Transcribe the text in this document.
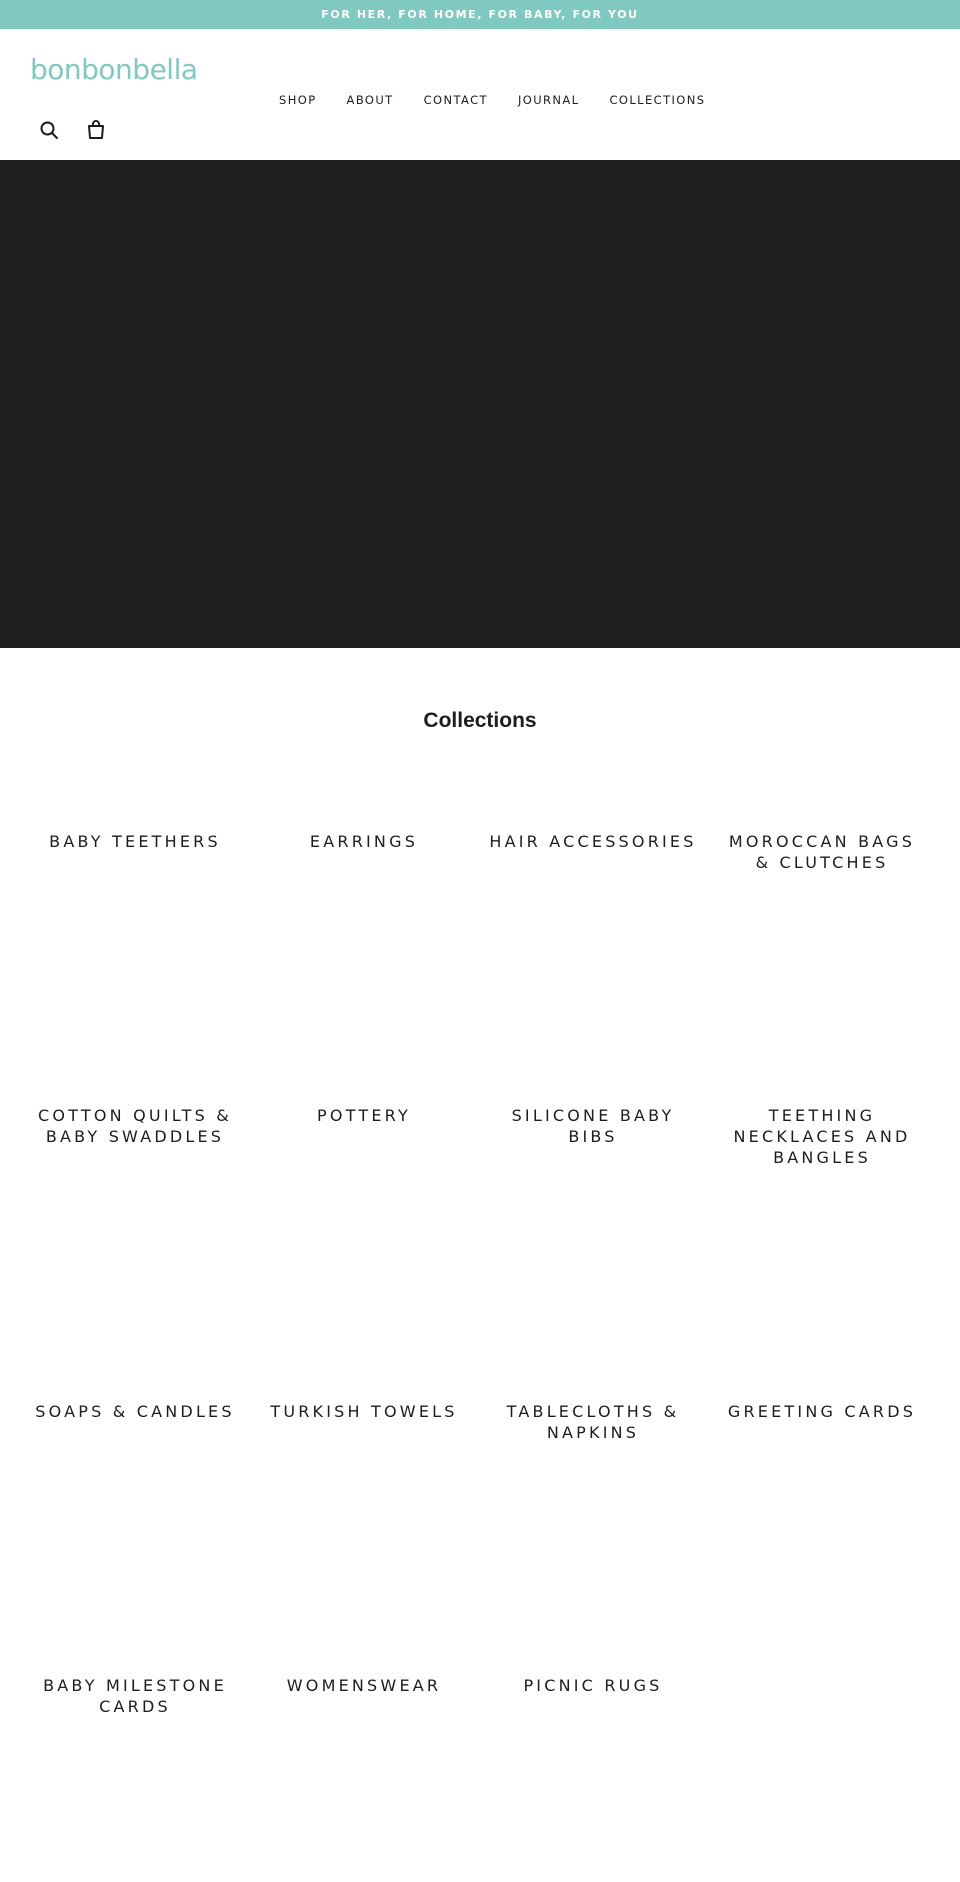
FOR HER, FOR HOME, FOR BABY, FOR YOU
bonbonbella
SHOP	ABOUT	CONTACT	JOURNAL	COLLECTIONS
Collections
BABY TEETHERS	EARRINGS	HAIR ACCESSORIES	MOROCCAN BAGS & CLUTCHES
COTTON QUILTS & BABY SWADDLES
POTTERY	SILICONE BABY BIBS
TEETHING NECKLACES AND BANGLES
SOAPS & CANDLES	TURKISH TOWELS	TABLECLOTHS & NAPKINS
GREETING CARDS
BABY MILESTONE CARDS
WOMENSWEAR	PICNIC RUGS
